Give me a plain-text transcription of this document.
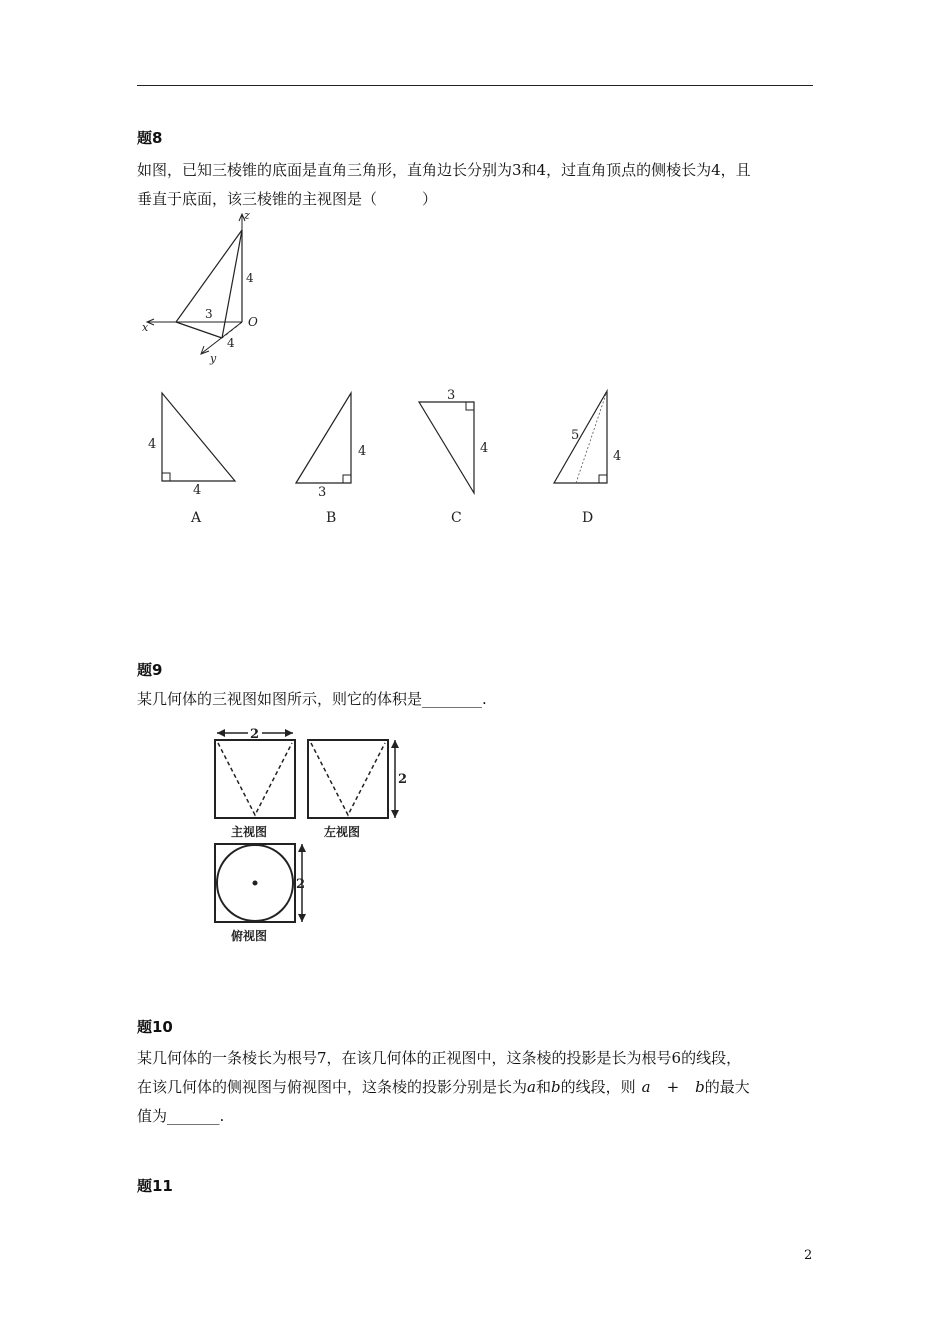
题8

如图，已知三棱锥的底面是直角三角形，直角边长分别为3和4，过直角顶点的侧棱长为4，且

垂直于底面，该三棱锥的主视图是（　　　）

z
x
y
O
4
3
4
4
4
A
4
3
B
3
4
C
5
4
D
题9

某几何体的三视图如图所示，则它的体积是________.

2
主视图
2
左视图
2
俯视图
题10

某几何体的一条棱长为根号7，在该几何体的正视图中，这条棱的投影是长为根号6的线段，

在该几何体的侧视图与俯视图中，这条棱的投影分别是长为a和b的线段，则 a + b的最大

值为_______.

题11
2
